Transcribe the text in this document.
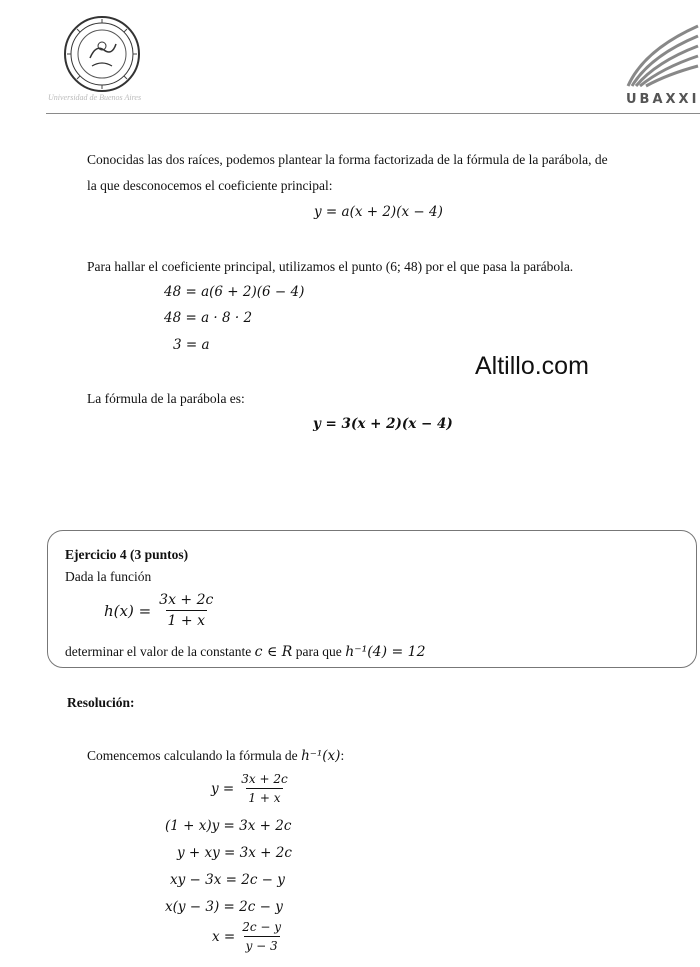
Universidad de Buenos Aires	UBAXXI
Conocidas las dos raíces, podemos plantear la forma factorizada de la fórmula de la parábola, de
la que desconocemos el coeficiente principal:
y = a(x + 2)(x − 4)
Para hallar el coeficiente principal, utilizamos el punto (6; 48) por el que pasa la parábola.
48 = a(6 + 2)(6 − 4)
48 = a · 8 · 2
3 = a
Altillo.com
La fórmula de la parábola es:
y = 3(x + 2)(x − 4)
Ejercicio 4 (3 puntos)
Dada la función
$h(x) = \frac{3x + 2c}{1 + x}$
determinar el valor de la constante c ∈ R para que h⁻¹(4) = 12
Resolución:
Comencemos calculando la fórmula de h⁻¹(x):
$y = \frac{3x + 2c}{1 + x}$
(1 + x)y = 3x + 2c
y + xy = 3x + 2c
xy − 3x = 2c − y
x(y − 3) = 2c − y
$x = \frac{2c - y}{y - 3}$
